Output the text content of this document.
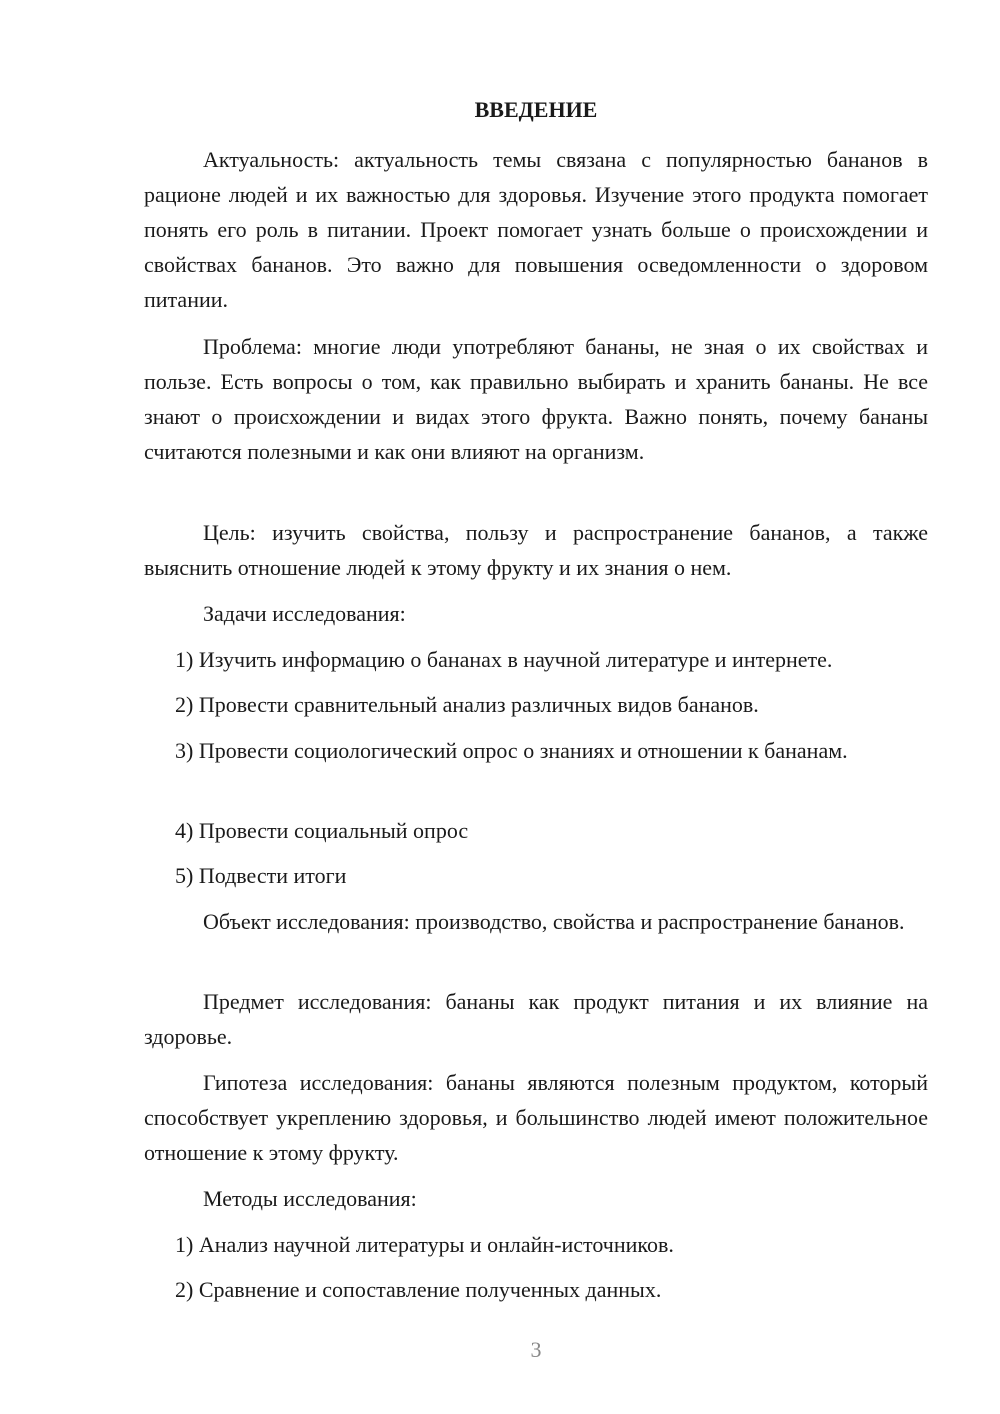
ВВЕДЕНИЕ

Актуальность: актуальность темы связана с популярностью бананов в рационе людей и их важностью для здоровья. Изучение этого продукта помогает понять его роль в питании. Проект помогает узнать больше о происхождении и свойствах бананов. Это важно для повышения осведомленности о здоровом питании.

Проблема: многие люди употребляют бананы, не зная о их свойствах и пользе. Есть вопросы о том, как правильно выбирать и хранить бананы. Не все знают о происхождении и видах этого фрукта. Важно понять, почему бананы считаются полезными и как они влияют на организм.

Цель: изучить свойства, пользу и распространение бананов, а также выяснить отношение людей к этому фрукту и их знания о нем.

Задачи исследования:

1) Изучить информацию о бананах в научной литературе и интернете.

2) Провести сравнительный анализ различных видов бананов.

3) Провести социологический опрос о знаниях и отношении к бананам.

4) Провести социальный опрос

5) Подвести итоги

Объект исследования: производство, свойства и распространение бананов.

Предмет исследования: бананы как продукт питания и их влияние на здоровье.

Гипотеза исследования: бананы являются полезным продуктом, который способствует укреплению здоровья, и большинство людей имеют положительное отношение к этому фрукту.

Методы исследования:

1) Анализ научной литературы и онлайн-источников.

2) Сравнение и сопоставление полученных данных.

3
